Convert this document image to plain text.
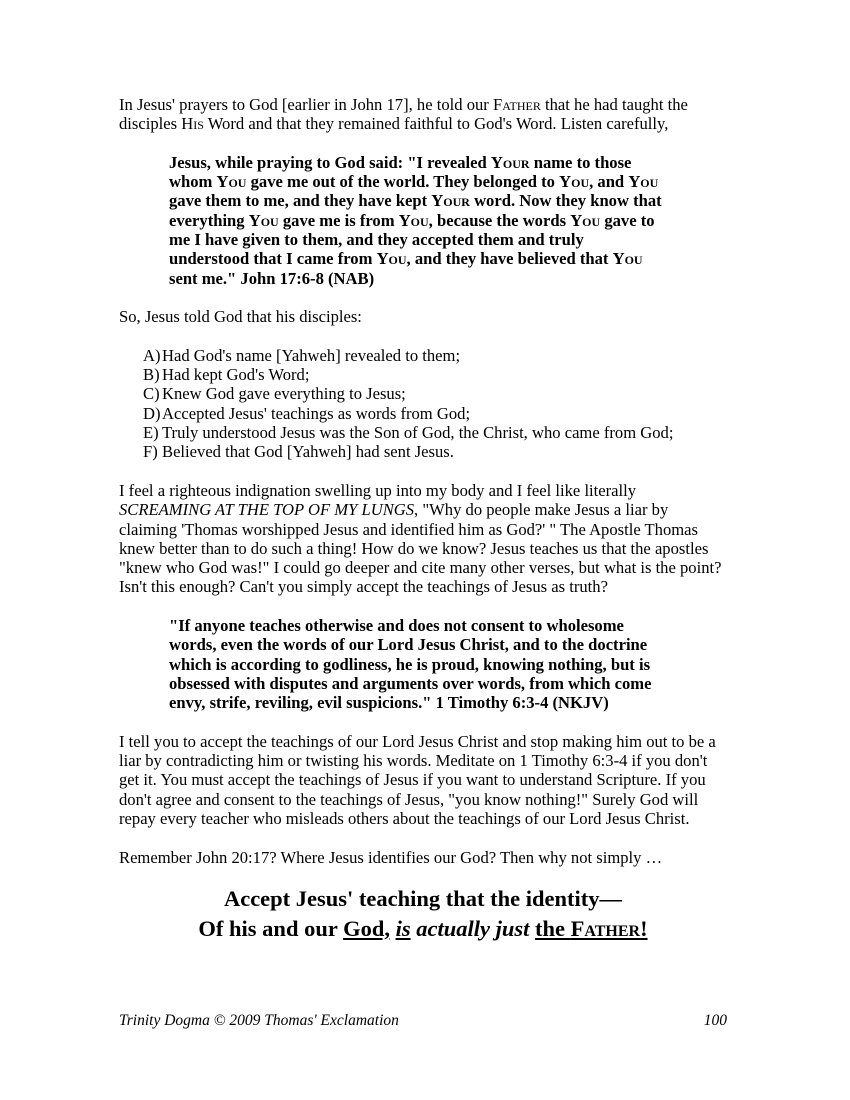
In Jesus' prayers to God [earlier in John 17], he told our Father that he had taught the disciples His Word and that they remained faithful to God's Word. Listen carefully,

Jesus, while praying to God said: "I revealed Your name to those
whom You gave me out of the world. They belonged to You, and You
gave them to me, and they have kept Your word. Now they know that
everything You gave me is from You, because the words You gave to
me I have given to them, and they accepted them and truly
understood that I came from You, and they have believed that You
sent me." John 17:6-8 (NAB)

So, Jesus told God that his disciples:

A) Had God's name [Yahweh] revealed to them;
B) Had kept God's Word;
C) Knew God gave everything to Jesus;
D) Accepted Jesus' teachings as words from God;
E) Truly understood Jesus was the Son of God, the Christ, who came from God;
F) Believed that God [Yahweh] had sent Jesus.

I feel a righteous indignation swelling up into my body and I feel like literally SCREAMING AT THE TOP OF MY LUNGS, "Why do people make Jesus a liar by claiming 'Thomas worshipped Jesus and identified him as God?' " The Apostle Thomas knew better than to do such a thing! How do we know? Jesus teaches us that the apostles "knew who God was!" I could go deeper and cite many other verses, but what is the point? Isn't this enough? Can't you simply accept the teachings of Jesus as truth?

"If anyone teaches otherwise and does not consent to wholesome
words, even the words of our Lord Jesus Christ, and to the doctrine
which is according to godliness, he is proud, knowing nothing, but is
obsessed with disputes and arguments over words, from which come
envy, strife, reviling, evil suspicions." 1 Timothy 6:3-4 (NKJV)

I tell you to accept the teachings of our Lord Jesus Christ and stop making him out to be a liar by contradicting him or twisting his words. Meditate on 1 Timothy 6:3-4 if you don't get it. You must accept the teachings of Jesus if you want to understand Scripture. If you don't agree and consent to the teachings of Jesus, "you know nothing!" Surely God will repay every teacher who misleads others about the teachings of our Lord Jesus Christ.

Remember John 20:17? Where Jesus identifies our God? Then why not simply …

Accept Jesus' teaching that the identity—
Of his and our God, is actually just the Father!
Trinity Dogma © 2009 Thomas' Exclamation	100
